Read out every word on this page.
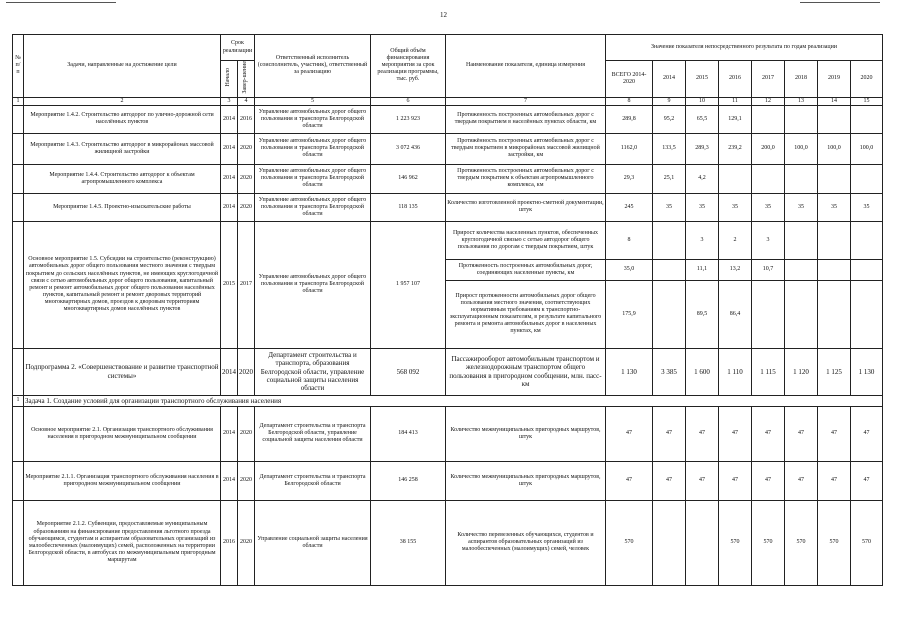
12
№ п/п	Задачи, направленные на достижение цели	Срок реализации		Ответственный исполнитель (соисполнитель, участник), ответственный за реализацию	Общий объём финансирования мероприятия за срок реализации программы, тыс. руб.	Наименование показателя, единица измерения	Значение показателя непосредственного результата по годам реализации							
		Начало	Завер-шение				ВСЕГО 2014-2020	2014	2015	2016	2017	2018	2019	2020
1	2	3	4	5	6	7	8	9	10	11	12	13	14	15
	Мероприятие 1.4.2. Строительство автодорог по улично-дорожной сети населённых пунктов	2014	2016	Управление автомобильных дорог общего пользования и транспорта Белгородской области	1 223 923	Протяженность построенных автомобильных дорог с твердым покрытием в населённых пунктах области, км	289,8	95,2	65,5	129,1				
	Мероприятие 1.4.3. Строительство автодорог в микрорайонах массовой жилищной застройки	2014	2020	Управление автомобильных дорог общего пользования и транспорта Белгородской области	3 072 436	Протяжённость построенных автомобильных дорог с твердым покрытием в микрорайонах массовой жилищной застройки, км	1162,0	133,5	289,3	239,2	200,0	100,0	100,0	100,0
	Мероприятие 1.4.4. Строительство автодорог к объектам агропромышленного комплекса	2014	2020	Управление автомобильных дорог общего пользования и транспорта Белгородской области	146 962	Протяженность построенных автомобильных дорог с твердым покрытием к объектам агропромышленного комплекса, км	29,3	25,1	4,2					
	Мероприятие 1.4.5. Проектно-изыскательские работы	2014	2020	Управление автомобильных дорог общего пользования и транспорта Белгородской области	118 135	Количество изготовленной проектно-сметной документации, штук	245	35	35	35	35	35	35	35
	Основное мероприятие 1.5. Субсидии на строительство (реконструкцию) автомобильных дорог общего пользования местного значения с твердым покрытием до сельских населённых пунктов, не имеющих круглогодичной связи с сетью автомобильных дорог общего пользования, капитальный ремонт и ремонт автомобильных дорог общего пользования населённых пунктов, капитальный ремонт и ремонт дворовых территорий многоквартирных домов, проездов к дворовым территориям многоквартирных домов населённых пунктов	2015	2017	Управление автомобильных дорог общего пользования и транспорта Белгородской области	1 957 107	Прирост количества населенных пунктов, обеспеченных круглогодичной связью с сетью автодорог общего пользования по дорогам с твердым покрытием, штук	8		3	2	3			
						Протяженность построенных автомобильных дорог, соединяющих населенные пункты, км	35,0		11,1	13,2	10,7			
						Прирост протяженности автомобильных дорог общего пользования местного значения, соответствующих нормативным требованиям к транспортно-эксплуатационным показателям, в результате капитального ремонта и ремонта автомобильных дорог в населенных пунктах, км	175,9		89,5	86,4				
	Подпрограмма 2. «Совершенствование и развитие транспортной системы»	2014	2020	Департамент строительства и транспорта, образования Белгородской области, управление социальной защиты населения области	568 092	Пассажирооборот автомобильным транспортом и железнодорожным транспортом общего пользования в пригородном сообщении, млн. пасс-км	1 130	3 385	1 600	1 110	1 115	1 120	1 125	1 130
1	Задача 1. Создание условий для организации транспортного обслуживания населения													
	Основное мероприятие 2.1. Организация транспортного обслуживания населения в пригородном межмуниципальном сообщении	2014	2020	Департамент строительства и транспорта Белгородской области, управление социальной защиты населения области	184 413	Количество межмуниципальных пригородных маршрутов, штук	47	47	47	47	47	47	47	47
	Мероприятие 2.1.1. Организация транспортного обслуживания населения в пригородном межмуниципальном сообщении	2014	2020	Департамент строительства и транспорта Белгородской области	146 258	Количество межмуниципальных пригородных маршрутов, штук	47	47	47	47	47	47	47	47
	Мероприятие 2.1.2. Субвенции, предоставляемые муниципальным образованиям на финансирование предоставления льготного проезда обучающимся, студентам и аспирантам образовательных организаций из малообеспеченных (малоимущих) семей, расположенных на территории Белгородской области, в автобусах по межмуниципальным пригородным маршрутам	2016	2020	Управление социальной защиты населения области	38 155	Количество перевезенных обучающихся, студентов и аспирантов образовательных организаций из малообеспеченных (малоимущих) семей, человек	570			570	570	570	570	570
